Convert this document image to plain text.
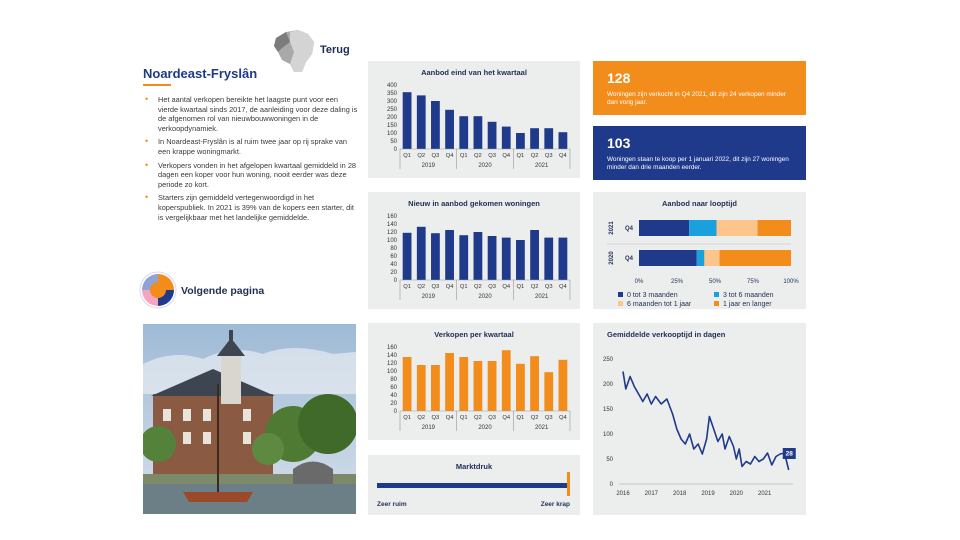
Terug
Noardeast-Fryslân
• Het aantal verkopen bereikte het laagste punt voor een vierde kwartaal sinds 2017, de aanleiding voor deze daling is de afgenomen rol van nieuwbouwwoningen in de verkoopdynamiek.
• In Noardeast-Fryslân is al ruim twee jaar op rij sprake van een krappe woningmarkt.
• Verkopers vonden in het afgelopen kwartaal gemiddeld in 28 dagen een koper voor hun woning, nooit eerder was deze periode zo kort.
• Starters zijn gemiddeld vertegenwoordigd in het koperspubliek. In 2021 is 39% van de kopers een starter, dit is vergelijkbaar met het landelijke gemiddelde.
Volgende pagina
Aanbod eind van het kwartaal
0
50
100
150
200
250
300
350
400
Q1 Q2 Q3 Q4 Q1 Q2 Q3 Q4 Q1 Q2 Q3 Q4
2019	2020	2021
Nieuw in aanbod gekomen woningen
0
20
40
60
80
100
120
140
160
Q1 Q2 Q3 Q4 Q1 Q2 Q3 Q4 Q1 Q2 Q3 Q4
2019	2020	2021
Verkopen per kwartaal
0
20
40
60
80
100
120
140
160
Q1 Q2 Q3 Q4 Q1 Q2 Q3 Q4 Q1 Q2 Q3 Q4
2019	2020	2021
Marktdruk
Zeer ruim	Zeer krap
128
Woningen zijn verkocht in Q4 2021, dit zijn 24 verkopen minder dan vorig jaar.
103
Woningen staan te koop per 1 januari 2022, dit zijn 27 woningen minder dan drie maanden eerder.
Aanbod naar looptijd
Q4
2021
Q4
2020
0%	25%	50%	75%	100%
0 tot 3 maanden	3 tot 6 maanden 6 maanden tot 1 jaar	1 jaar en langer
Gemiddelde verkooptijd in dagen
0
50
100
150
200
250
2016 2017 2018 2019 2020 2021
28
